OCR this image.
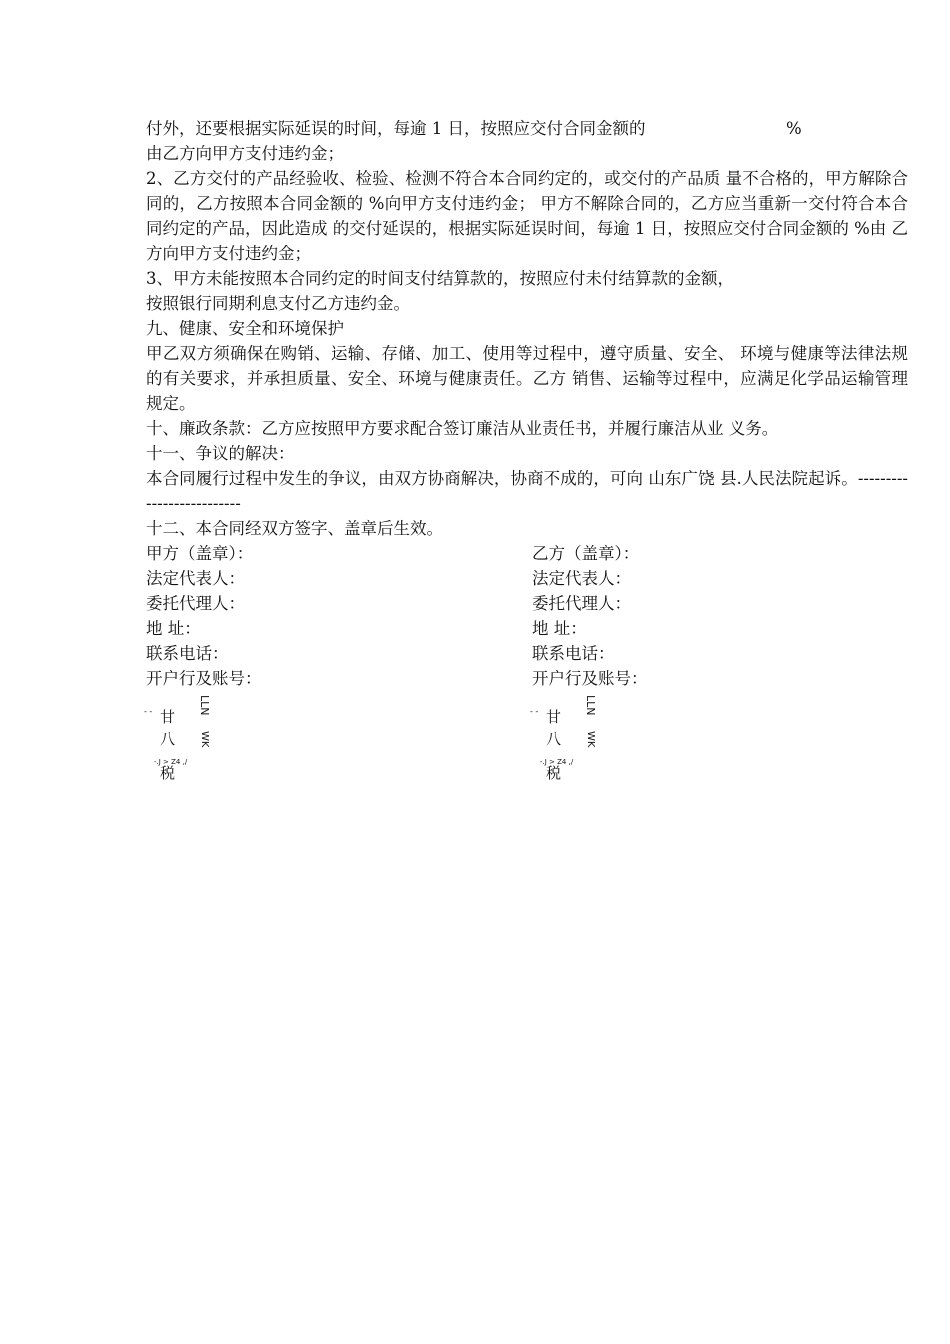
付外，还要根据实际延误的时间，每逾 1 日，按照应交付合同金额的	%

由乙方向甲方支付违约金；

2、乙方交付的产品经验收、检验、检测不符合本合同约定的，或交付的产品质 量不合格的，甲方解除合同的，乙方按照本合同金额的 %向甲方支付违约金； 甲方不解除合同的，乙方应当重新一交付符合本合同约定的产品，因此造成 的交付延误的，根据实际延误时间，每逾 1 日，按照应交付合同金额的 %由 乙方向甲方支付违约金；

3、甲方未能按照本合同约定的时间支付结算款的，按照应付未付结算款的金额，

按照银行同期利息支付乙方违约金。

九、健康、安全和环境保护

甲乙双方须确保在购销、运输、存储、加工、使用等过程中，遵守质量、安全、 环境与健康等法律法规的有关要求，并承担质量、安全、环境与健康责任。乙方 销售、运输等过程中，应满足化学品运输管理规定。

十、廉政条款：乙方应按照甲方要求配合签订廉洁从业责任书，并履行廉洁从业 义务。

十一、争议的解决：

本合同履行过程中发生的争议，由双方协商解决，协商不成的，可向 山东广饶 县.人民法院起诉。--------------------------

十二、本合同经双方签字、盖章后生效。

甲方（盖章）：

法定代表人：

委托代理人：

地 址：

联系电话：

开户行及账号：

- - 甘
八
-.J > Z4 ,/
税
LLN
WK

乙方（盖章）：

法定代表人：

委托代理人：

地 址：

联系电话：

开户行及账号：

- - 甘
八
-.J > Z4 ,/
税
LLN
WK
